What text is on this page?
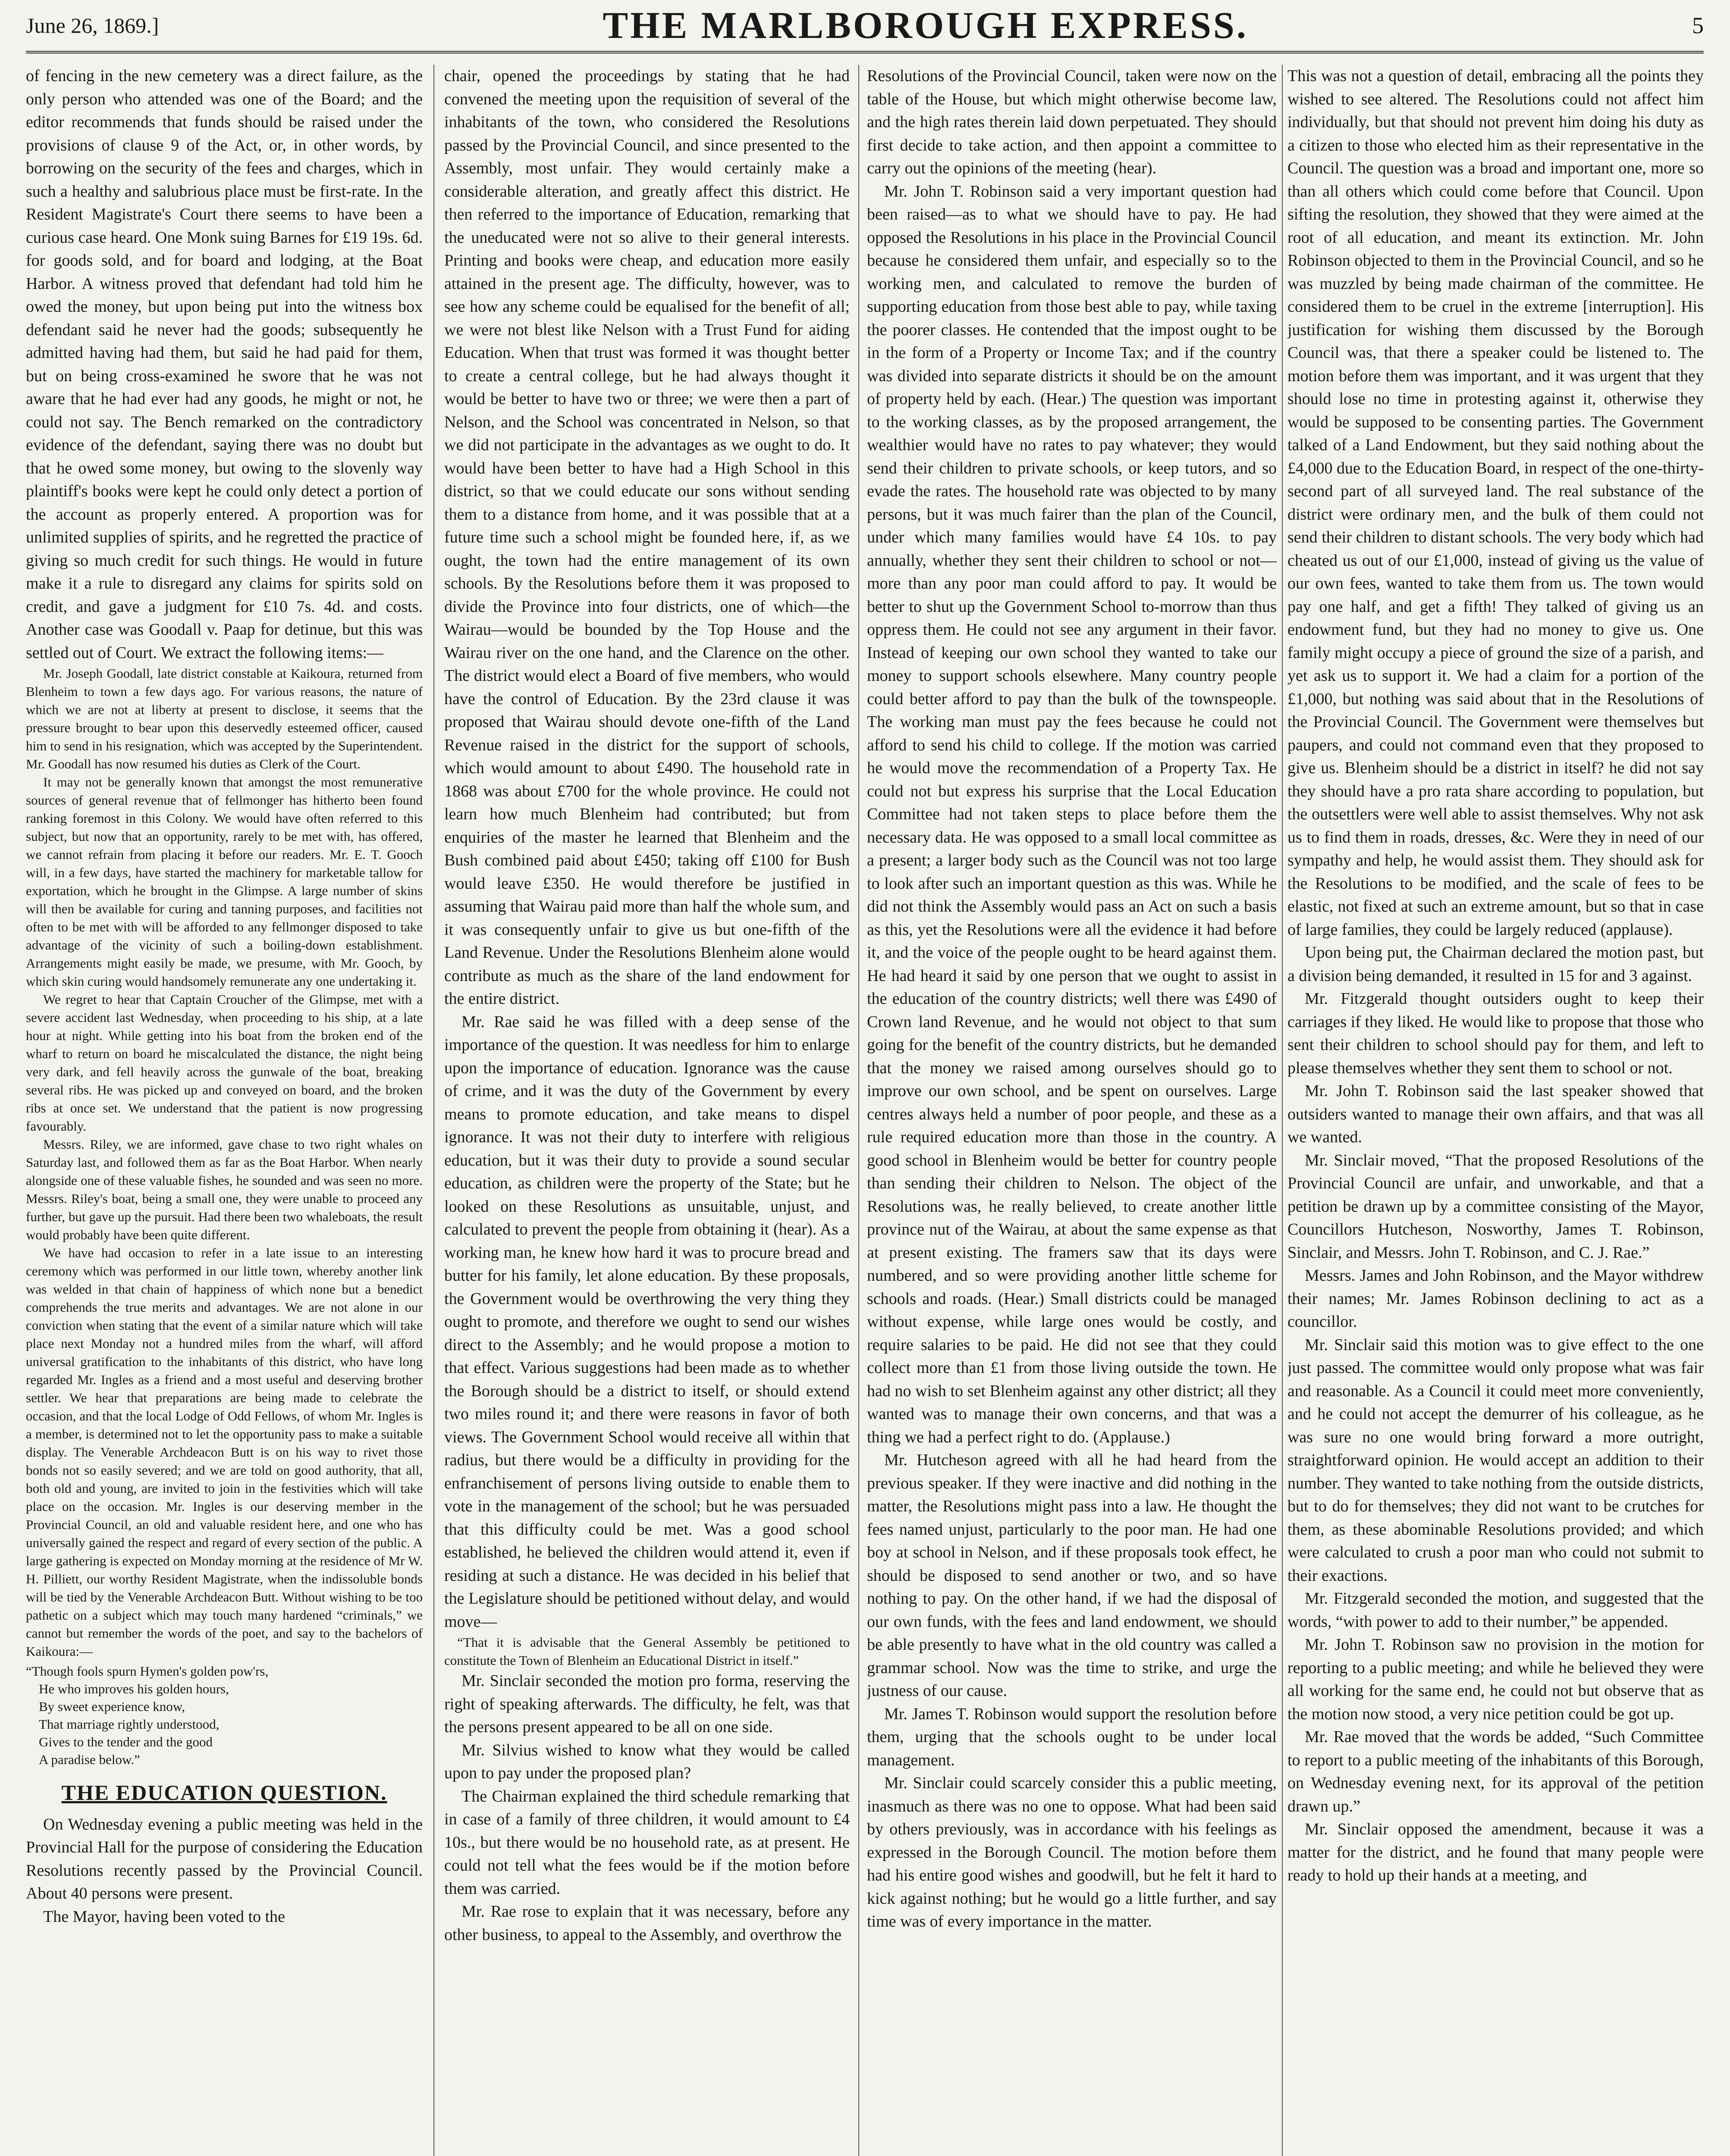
June 26, 1869.]	THE MARLBOROUGH EXPRESS.	5

of fencing in the new cemetery was a direct failure, as the only person who attended was one of the Board; and the editor recommends that funds should be raised under the provisions of clause 9 of the Act, or, in other words, by borrowing on the security of the fees and charges, which in such a healthy and salubrious place must be first-rate. In the Resident Magistrate's Court there seems to have been a curious case heard. One Monk suing Barnes for £19 19s. 6d. for goods sold, and for board and lodging, at the Boat Harbor. A witness proved that defendant had told him he owed the money, but upon being put into the witness box defendant said he never had the goods; subsequently he admitted having had them, but said he had paid for them, but on being cross-examined he swore that he was not aware that he had ever had any goods, he might or not, he could not say. The Bench remarked on the contradictory evidence of the defendant, saying there was no doubt but that he owed some money, but owing to the slovenly way plaintiff's books were kept he could only detect a portion of the account as properly entered. A proportion was for unlimited supplies of spirits, and he regretted the practice of giving so much credit for such things. He would in future make it a rule to disregard any claims for spirits sold on credit, and gave a judgment for £10 7s. 4d. and costs. Another case was Goodall v. Paap for detinue, but this was settled out of Court. We extract the following items:—

Mr. Joseph Goodall, late district constable at Kaikoura, returned from Blenheim to town a few days ago. For various reasons, the nature of which we are not at liberty at present to disclose, it seems that the pressure brought to bear upon this deservedly esteemed officer, caused him to send in his resignation, which was accepted by the Superintendent. Mr. Goodall has now resumed his duties as Clerk of the Court.

It may not be generally known that amongst the most remunerative sources of general revenue that of fellmonger has hitherto been found ranking foremost in this Colony. We would have often referred to this subject, but now that an opportunity, rarely to be met with, has offered, we cannot refrain from placing it before our readers. Mr. E. T. Gooch will, in a few days, have started the machinery for marketable tallow for exportation, which he brought in the Glimpse. A large number of skins will then be available for curing and tanning purposes, and facilities not often to be met with will be afforded to any fellmonger disposed to take advantage of the vicinity of such a boiling-down establishment. Arrangements might easily be made, we presume, with Mr. Gooch, by which skin curing would handsomely remunerate any one undertaking it.

We regret to hear that Captain Croucher of the Glimpse, met with a severe accident last Wednesday, when proceeding to his ship, at a late hour at night. While getting into his boat from the broken end of the wharf to return on board he miscalculated the distance, the night being very dark, and fell heavily across the gunwale of the boat, breaking several ribs. He was picked up and conveyed on board, and the broken ribs at once set. We understand that the patient is now progressing favourably.

Messrs. Riley, we are informed, gave chase to two right whales on Saturday last, and followed them as far as the Boat Harbor. When nearly alongside one of these valuable fishes, he sounded and was seen no more. Messrs. Riley's boat, being a small one, they were unable to proceed any further, but gave up the pursuit. Had there been two whaleboats, the result would probably have been quite different.

We have had occasion to refer in a late issue to an interesting ceremony which was performed in our little town, whereby another link was welded in that chain of happiness of which none but a benedict comprehends the true merits and advantages. We are not alone in our conviction when stating that the event of a similar nature which will take place next Monday not a hundred miles from the wharf, will afford universal gratification to the inhabitants of this district, who have long regarded Mr. Ingles as a friend and a most useful and deserving brother settler. We hear that preparations are being made to celebrate the occasion, and that the local Lodge of Odd Fellows, of whom Mr. Ingles is a member, is determined not to let the opportunity pass to make a suitable display. The Venerable Archdeacon Butt is on his way to rivet those bonds not so easily severed; and we are told on good authority, that all, both old and young, are invited to join in the festivities which will take place on the occasion. Mr. Ingles is our deserving member in the Provincial Council, an old and valuable resident here, and one who has universally gained the respect and regard of every section of the public. A large gathering is expected on Monday morning at the residence of Mr W. H. Pilliett, our worthy Resident Magistrate, when the indissoluble bonds will be tied by the Venerable Archdeacon Butt. Without wishing to be too pathetic on a subject which may touch many hardened “criminals,” we cannot but remember the words of the poet, and say to the bachelors of Kaikoura:—

“Though fools spurn Hymen's golden pow'rs,
He who improves his golden hours,
By sweet experience know,
That marriage rightly understood,
Gives to the tender and the good
A paradise below.”
THE EDUCATION QUESTION.

On Wednesday evening a public meeting was held in the Provincial Hall for the purpose of considering the Education Resolutions recently passed by the Provincial Council. About 40 persons were present.

The Mayor, having been voted to the

chair, opened the proceedings by stating that he had convened the meeting upon the requisition of several of the inhabitants of the town, who considered the Resolutions passed by the Provincial Council, and since presented to the Assembly, most unfair. They would certainly make a considerable alteration, and greatly affect this district. He then referred to the importance of Education, remarking that the uneducated were not so alive to their general interests. Printing and books were cheap, and education more easily attained in the present age. The difficulty, however, was to see how any scheme could be equalised for the benefit of all; we were not blest like Nelson with a Trust Fund for aiding Education. When that trust was formed it was thought better to create a central college, but he had always thought it would be better to have two or three; we were then a part of Nelson, and the School was concentrated in Nelson, so that we did not participate in the advantages as we ought to do. It would have been better to have had a High School in this district, so that we could educate our sons without sending them to a distance from home, and it was possible that at a future time such a school might be founded here, if, as we ought, the town had the entire management of its own schools. By the Resolutions before them it was proposed to divide the Province into four districts, one of which—the Wairau—would be bounded by the Top House and the Wairau river on the one hand, and the Clarence on the other. The district would elect a Board of five members, who would have the control of Education. By the 23rd clause it was proposed that Wairau should devote one-fifth of the Land Revenue raised in the district for the support of schools, which would amount to about £490. The household rate in 1868 was about £700 for the whole province. He could not learn how much Blenheim had contributed; but from enquiries of the master he learned that Blenheim and the Bush combined paid about £450; taking off £100 for Bush would leave £350. He would therefore be justified in assuming that Wairau paid more than half the whole sum, and it was consequently unfair to give us but one-fifth of the Land Revenue. Under the Resolutions Blenheim alone would contribute as much as the share of the land endowment for the entire district.

Mr. Rae said he was filled with a deep sense of the importance of the question. It was needless for him to enlarge upon the importance of education. Ignorance was the cause of crime, and it was the duty of the Government by every means to promote education, and take means to dispel ignorance. It was not their duty to interfere with religious education, but it was their duty to provide a sound secular education, as children were the property of the State; but he looked on these Resolutions as unsuitable, unjust, and calculated to prevent the people from obtaining it (hear). As a working man, he knew how hard it was to procure bread and butter for his family, let alone education. By these proposals, the Government would be overthrowing the very thing they ought to promote, and therefore we ought to send our wishes direct to the Assembly; and he would propose a motion to that effect. Various suggestions had been made as to whether the Borough should be a district to itself, or should extend two miles round it; and there were reasons in favor of both views. The Government School would receive all within that radius, but there would be a difficulty in providing for the enfranchisement of persons living outside to enable them to vote in the management of the school; but he was persuaded that this difficulty could be met. Was a good school established, he believed the children would attend it, even if residing at such a distance. He was decided in his belief that the Legislature should be petitioned without delay, and would move—

“That it is advisable that the General Assembly be petitioned to constitute the Town of Blenheim an Educational District in itself.”

Mr. Sinclair seconded the motion pro forma, reserving the right of speaking afterwards. The difficulty, he felt, was that the persons present appeared to be all on one side.

Mr. Silvius wished to know what they would be called upon to pay under the proposed plan?

The Chairman explained the third schedule remarking that in case of a family of three children, it would amount to £4 10s., but there would be no household rate, as at present. He could not tell what the fees would be if the motion before them was carried.

Mr. Rae rose to explain that it was necessary, before any other business, to appeal to the Assembly, and overthrow the

Resolutions of the Provincial Council, taken were now on the table of the House, but which might otherwise become law, and the high rates therein laid down perpetuated. They should first decide to take action, and then appoint a committee to carry out the opinions of the meeting (hear).

Mr. John T. Robinson said a very important question had been raised—as to what we should have to pay. He had opposed the Resolutions in his place in the Provincial Council because he considered them unfair, and especially so to the working men, and calculated to remove the burden of supporting education from those best able to pay, while taxing the poorer classes. He contended that the impost ought to be in the form of a Property or Income Tax; and if the country was divided into separate districts it should be on the amount of property held by each. (Hear.) The question was important to the working classes, as by the proposed arrangement, the wealthier would have no rates to pay whatever; they would send their children to private schools, or keep tutors, and so evade the rates. The household rate was objected to by many persons, but it was much fairer than the plan of the Council, under which many families would have £4 10s. to pay annually, whether they sent their children to school or not—more than any poor man could afford to pay. It would be better to shut up the Government School to-morrow than thus oppress them. He could not see any argument in their favor. Instead of keeping our own school they wanted to take our money to support schools elsewhere. Many country people could better afford to pay than the bulk of the townspeople. The working man must pay the fees because he could not afford to send his child to college. If the motion was carried he would move the recommendation of a Property Tax. He could not but express his surprise that the Local Education Committee had not taken steps to place before them the necessary data. He was opposed to a small local committee as a present; a larger body such as the Council was not too large to look after such an important question as this was. While he did not think the Assembly would pass an Act on such a basis as this, yet the Resolutions were all the evidence it had before it, and the voice of the people ought to be heard against them. He had heard it said by one person that we ought to assist in the education of the country districts; well there was £490 of Crown land Revenue, and he would not object to that sum going for the benefit of the country districts, but he demanded that the money we raised among ourselves should go to improve our own school, and be spent on ourselves. Large centres always held a number of poor people, and these as a rule required education more than those in the country. A good school in Blenheim would be better for country people than sending their children to Nelson. The object of the Resolutions was, he really believed, to create another little province nut of the Wairau, at about the same expense as that at present existing. The framers saw that its days were numbered, and so were providing another little scheme for schools and roads. (Hear.) Small districts could be managed without expense, while large ones would be costly, and require salaries to be paid. He did not see that they could collect more than £1 from those living outside the town. He had no wish to set Blenheim against any other district; all they wanted was to manage their own concerns, and that was a thing we had a perfect right to do. (Applause.)

Mr. Hutcheson agreed with all he had heard from the previous speaker. If they were inactive and did nothing in the matter, the Resolutions might pass into a law. He thought the fees named unjust, particularly to the poor man. He had one boy at school in Nelson, and if these proposals took effect, he should be disposed to send another or two, and so have nothing to pay. On the other hand, if we had the disposal of our own funds, with the fees and land endowment, we should be able presently to have what in the old country was called a grammar school. Now was the time to strike, and urge the justness of our cause.

Mr. James T. Robinson would support the resolution before them, urging that the schools ought to be under local management.

Mr. Sinclair could scarcely consider this a public meeting, inasmuch as there was no one to oppose. What had been said by others previously, was in accordance with his feelings as expressed in the Borough Council. The motion before them had his entire good wishes and goodwill, but he felt it hard to kick against nothing; but he would go a little further, and say time was of every importance in the matter.

This was not a question of detail, embracing all the points they wished to see altered. The Resolutions could not affect him individually, but that should not prevent him doing his duty as a citizen to those who elected him as their representative in the Council. The question was a broad and important one, more so than all others which could come before that Council. Upon sifting the resolution, they showed that they were aimed at the root of all education, and meant its extinction. Mr. John Robinson objected to them in the Provincial Council, and so he was muzzled by being made chairman of the committee. He considered them to be cruel in the extreme [interruption]. His justification for wishing them discussed by the Borough Council was, that there a speaker could be listened to. The motion before them was important, and it was urgent that they should lose no time in protesting against it, otherwise they would be supposed to be consenting parties. The Government talked of a Land Endowment, but they said nothing about the £4,000 due to the Education Board, in respect of the one-thirty-second part of all surveyed land. The real substance of the district were ordinary men, and the bulk of them could not send their children to distant schools. The very body which had cheated us out of our £1,000, instead of giving us the value of our own fees, wanted to take them from us. The town would pay one half, and get a fifth! They talked of giving us an endowment fund, but they had no money to give us. One family might occupy a piece of ground the size of a parish, and yet ask us to support it. We had a claim for a portion of the £1,000, but nothing was said about that in the Resolutions of the Provincial Council. The Government were themselves but paupers, and could not command even that they proposed to give us. Blenheim should be a district in itself? he did not say they should have a pro rata share according to population, but the outsettlers were well able to assist themselves. Why not ask us to find them in roads, dresses, &c. Were they in need of our sympathy and help, he would assist them. They should ask for the Resolutions to be modified, and the scale of fees to be elastic, not fixed at such an extreme amount, but so that in case of large families, they could be largely reduced (applause).

Upon being put, the Chairman declared the motion past, but a division being demanded, it resulted in 15 for and 3 against.

Mr. Fitzgerald thought outsiders ought to keep their carriages if they liked. He would like to propose that those who sent their children to school should pay for them, and left to please themselves whether they sent them to school or not.

Mr. John T. Robinson said the last speaker showed that outsiders wanted to manage their own affairs, and that was all we wanted.

Mr. Sinclair moved, “That the proposed Resolutions of the Provincial Council are unfair, and unworkable, and that a petition be drawn up by a committee consisting of the Mayor, Councillors Hutcheson, Nosworthy, James T. Robinson, Sinclair, and Messrs. John T. Robinson, and C. J. Rae.”

Messrs. James and John Robinson, and the Mayor withdrew their names; Mr. James Robinson declining to act as a councillor.

Mr. Sinclair said this motion was to give effect to the one just passed. The committee would only propose what was fair and reasonable. As a Council it could meet more conveniently, and he could not accept the demurrer of his colleague, as he was sure no one would bring forward a more outright, straightforward opinion. He would accept an addition to their number. They wanted to take nothing from the outside districts, but to do for themselves; they did not want to be crutches for them, as these abominable Resolutions provided; and which were calculated to crush a poor man who could not submit to their exactions.

Mr. Fitzgerald seconded the motion, and suggested that the words, “with power to add to their number,” be appended.

Mr. John T. Robinson saw no provision in the motion for reporting to a public meeting; and while he believed they were all working for the same end, he could not but observe that as the motion now stood, a very nice petition could be got up.

Mr. Rae moved that the words be added, “Such Committee to report to a public meeting of the inhabitants of this Borough, on Wednesday evening next, for its approval of the petition drawn up.”

Mr. Sinclair opposed the amendment, because it was a matter for the district, and he found that many people were ready to hold up their hands at a meeting, and
